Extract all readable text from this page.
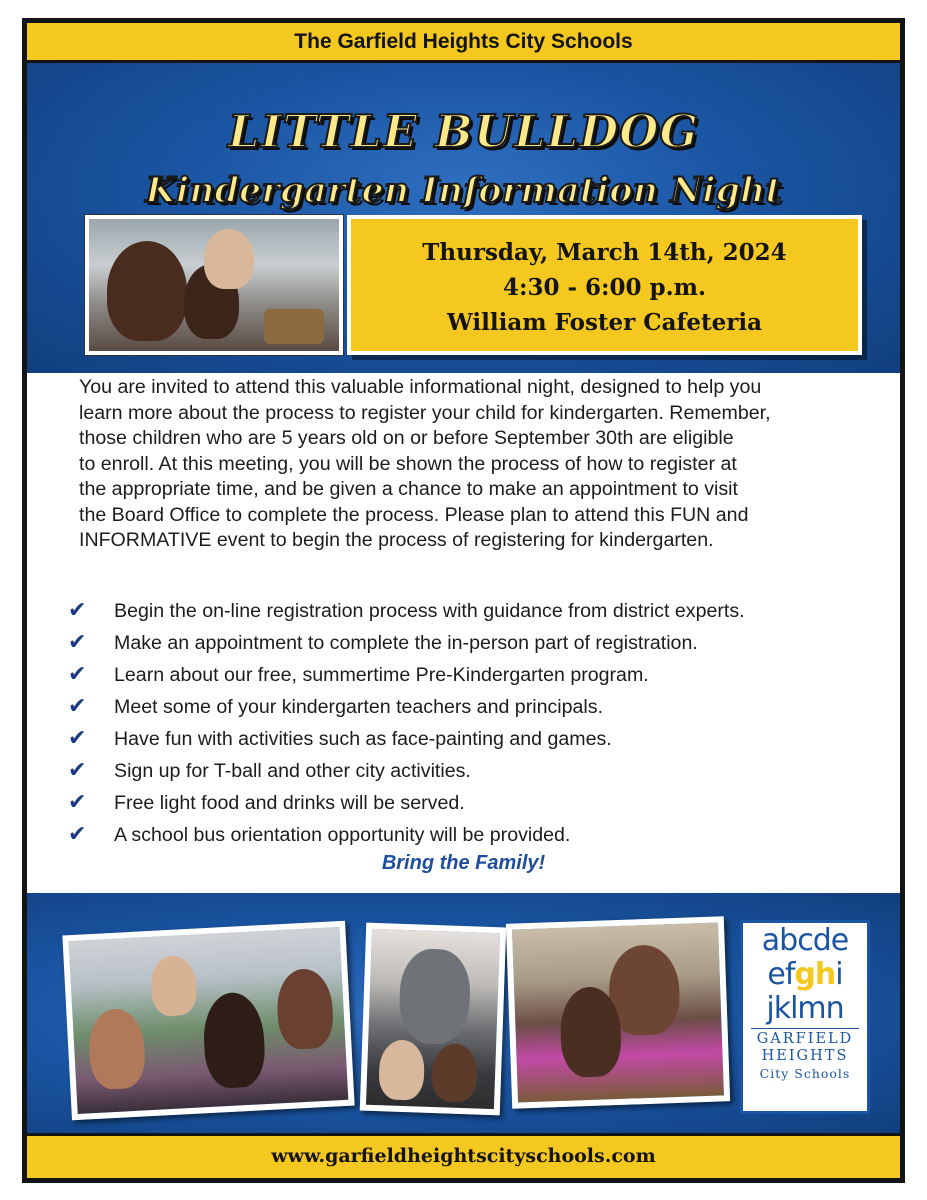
The Garfield Heights City Schools
LITTLE BULLDOG
Kindergarten Information Night
Thursday, March 14th, 2024
4:30 - 6:00 p.m.
William Foster Cafeteria
You are invited to attend this valuable informational night, designed to help you
learn more about the process to register your child for kindergarten. Remember,
those children who are 5 years old on or before September 30th are eligible
to enroll. At this meeting, you will be shown the process of how to register at
the appropriate time, and be given a chance to make an appointment to visit
the Board Office to complete the process. Please plan to attend this FUN and
INFORMATIVE event to begin the process of registering for kindergarten.
✔ Begin the on-line registration process with guidance from district experts.
✔ Make an appointment to complete the in-person part of registration.
✔ Learn about our free, summertime Pre-Kindergarten program.
✔ Meet some of your kindergarten teachers and principals.
✔ Have fun with activities such as face-painting and games.
✔ Sign up for T-ball and other city activities.
✔ Free light food and drinks will be served.
✔ A school bus orientation opportunity will be provided.
Bring the Family!
abcde
efghi
jklmn
GARFIELD
HEIGHTS
City Schools
www.garfieldheightscityschools.com
